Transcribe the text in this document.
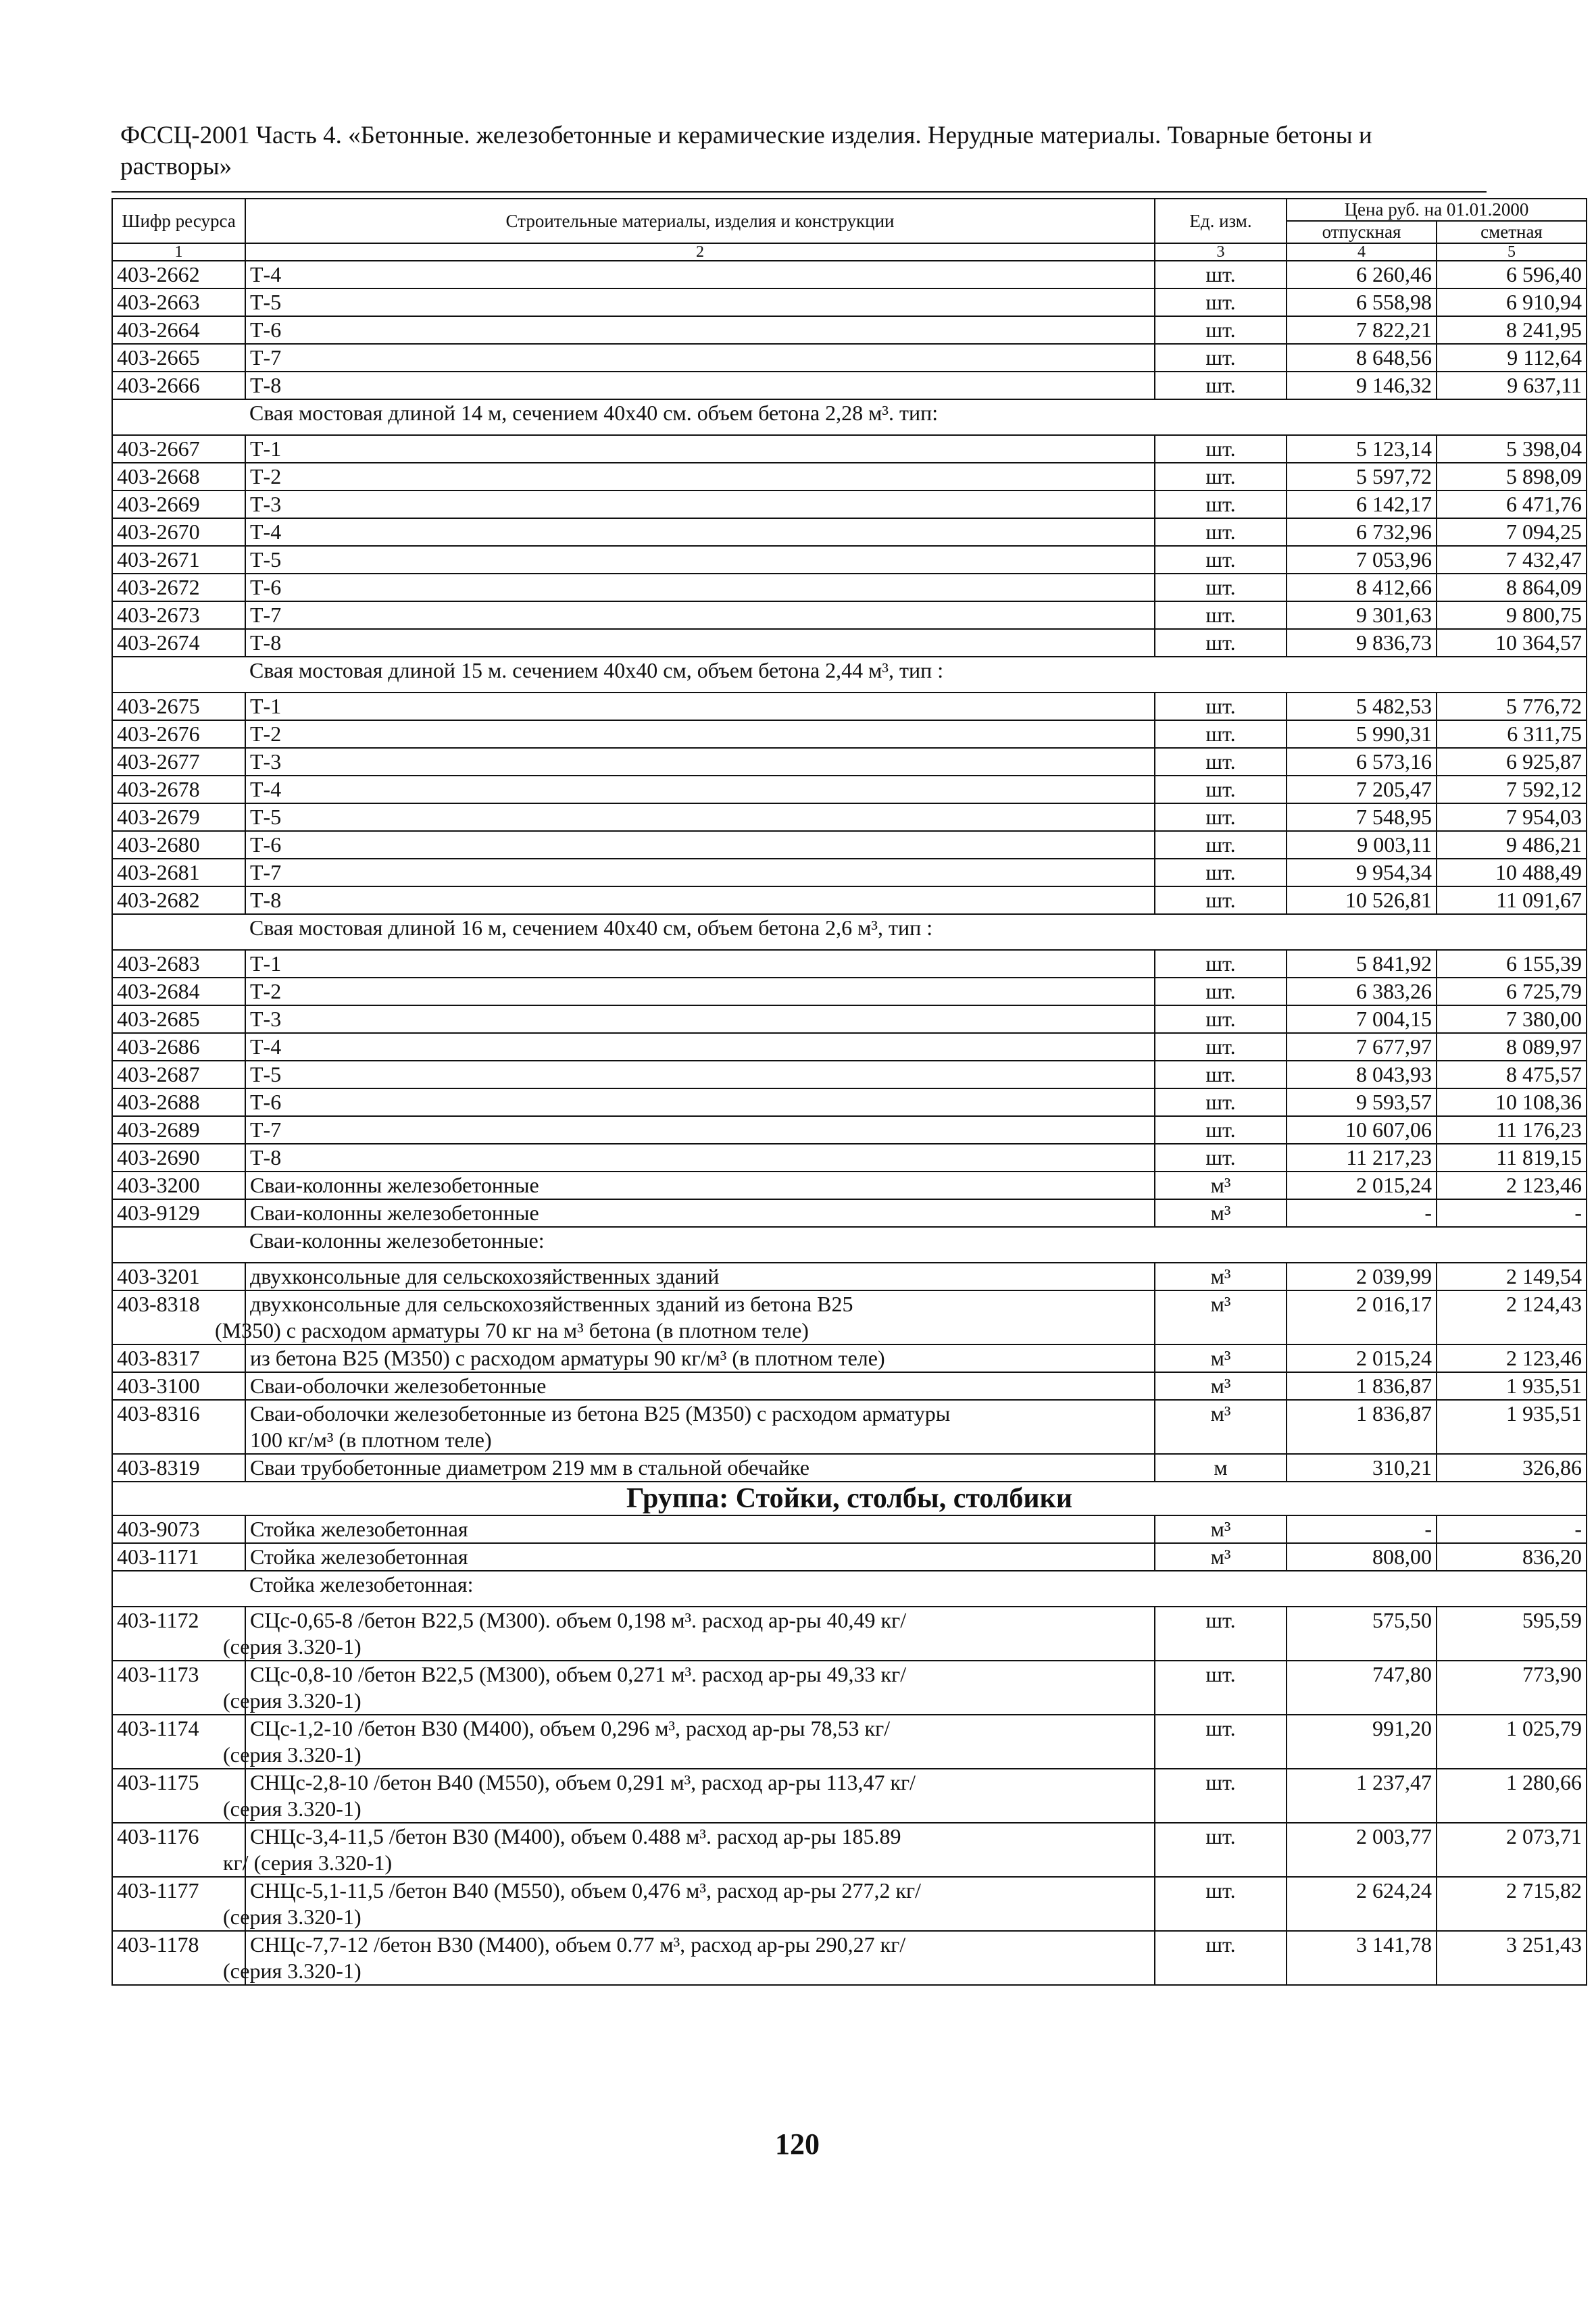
ФССЦ-2001 Часть 4. «Бетонные. железобетонные и керамические изделия. Нерудные материалы. Товарные бетоны и растворы»
Шифр ресурса	Строительные материалы, изделия и конструкции	Ед. изм.	Цена руб. на 01.01.2000	
			отпускная	сметная
1	2	3	4	5
403-2662	Т-4	шт.	6 260,46	6 596,40
403-2663	Т-5	шт.	6 558,98	6 910,94
403-2664	Т-6	шт.	7 822,21	8 241,95
403-2665	Т-7	шт.	8 648,56	9 112,64
403-2666	Т-8	шт.	9 146,32	9 637,11
	Свая мостовая длиной 14 м, сечением 40х40 см. объем бетона 2,28 м³. тип:			
403-2667	Т-1	шт.	5 123,14	5 398,04
403-2668	Т-2	шт.	5 597,72	5 898,09
403-2669	Т-3	шт.	6 142,17	6 471,76
403-2670	Т-4	шт.	6 732,96	7 094,25
403-2671	Т-5	шт.	7 053,96	7 432,47
403-2672	Т-6	шт.	8 412,66	8 864,09
403-2673	Т-7	шт.	9 301,63	9 800,75
403-2674	Т-8	шт.	9 836,73	10 364,57
	Свая мостовая длиной 15 м. сечением 40х40 см, объем бетона 2,44 м³, тип :			
403-2675	Т-1	шт.	5 482,53	5 776,72
403-2676	Т-2	шт.	5 990,31	6 311,75
403-2677	Т-3	шт.	6 573,16	6 925,87
403-2678	Т-4	шт.	7 205,47	7 592,12
403-2679	Т-5	шт.	7 548,95	7 954,03
403-2680	Т-6	шт.	9 003,11	9 486,21
403-2681	Т-7	шт.	9 954,34	10 488,49
403-2682	Т-8	шт.	10 526,81	11 091,67
	Свая мостовая длиной 16 м, сечением 40х40 см, объем бетона 2,6 м³, тип :			
403-2683	Т-1	шт.	5 841,92	6 155,39
403-2684	Т-2	шт.	6 383,26	6 725,79
403-2685	Т-3	шт.	7 004,15	7 380,00
403-2686	Т-4	шт.	7 677,97	8 089,97
403-2687	Т-5	шт.	8 043,93	8 475,57
403-2688	Т-6	шт.	9 593,57	10 108,36
403-2689	Т-7	шт.	10 607,06	11 176,23
403-2690	Т-8	шт.	11 217,23	11 819,15
403-3200	Сваи-колонны железобетонные	м³	2 015,24	2 123,46
403-9129	Сваи-колонны железобетонные	м³	-	-
	Сваи-колонны железобетонные:			
403-3201	двухконсольные для сельскохозяйственных зданий	м³	2 039,99	2 149,54
403-8318	двухконсольные для сельскохозяйственных зданий из бетона В25
(М350) с расходом арматуры 70 кг на м³ бетона (в плотном теле)	м³	2 016,17	2 124,43
403-8317	из бетона В25 (М350) с расходом арматуры 90 кг/м³ (в плотном теле)	м³	2 015,24	2 123,46
403-3100	Сваи-оболочки железобетонные	м³	1 836,87	1 935,51
403-8316	Сваи-оболочки железобетонные из бетона В25 (М350) с расходом арматуры
100 кг/м³ (в плотном теле)	м³	1 836,87	1 935,51
403-8319	Сваи трубобетонные диаметром 219 мм в стальной обечайке	м	310,21	326,86
Группа: Стойки, столбы, столбики				
403-9073	Стойка железобетонная	м³	-	-
403-1171	Стойка железобетонная	м³	808,00	836,20
	Стойка железобетонная:			
403-1172	СЦс-0,65-8 /бетон В22,5 (М300). объем 0,198 м³. расход ар-ры 40,49 кг/
(серия 3.320-1)	шт.	575,50	595,59
403-1173	СЦс-0,8-10 /бетон В22,5 (М300), объем 0,271 м³. расход ар-ры 49,33 кг/
(серия 3.320-1)	шт.	747,80	773,90
403-1174	СЦс-1,2-10 /бетон В30 (М400), объем 0,296 м³, расход ар-ры 78,53 кг/
(серия 3.320-1)	шт.	991,20	1 025,79
403-1175	СНЦс-2,8-10 /бетон В40 (М550), объем 0,291 м³, расход ар-ры 113,47 кг/
(серия 3.320-1)	шт.	1 237,47	1 280,66
403-1176	СНЦс-3,4-11,5 /бетон В30 (М400), объем 0.488 м³. расход ар-ры 185.89
кг/ (серия 3.320-1)	шт.	2 003,77	2 073,71
403-1177	СНЦс-5,1-11,5 /бетон В40 (М550), объем 0,476 м³, расход ар-ры 277,2 кг/
(серия 3.320-1)	шт.	2 624,24	2 715,82
403-1178	СНЦс-7,7-12 /бетон В30 (М400), объем 0.77 м³, расход ар-ры 290,27 кг/
(серия 3.320-1)	шт.	3 141,78	3 251,43
120
